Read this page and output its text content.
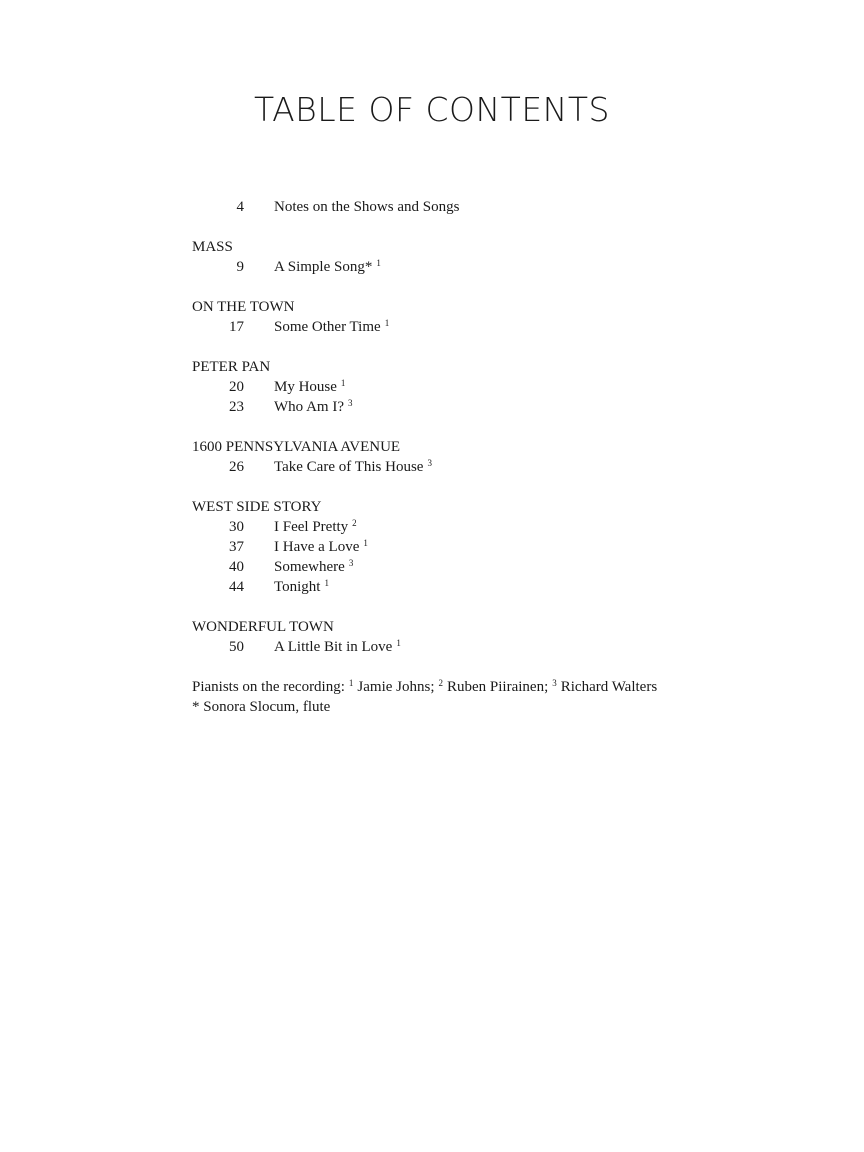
TABLE OF CONTENTS
4 Notes on the Shows and Songs
MASS
9 A Simple Song* $^1$
ON THE TOWN
17 Some Other Time $^1$
PETER PAN
20 My House $^1$
23 Who Am I? $^3$
1600 PENNSYLVANIA AVENUE
26 Take Care of This House $^3$
WEST SIDE STORY
30 I Feel Pretty $^2$
37 I Have a Love $^1$
40 Somewhere $^3$
44 Tonight $^1$
WONDERFUL TOWN
50 A Little Bit in Love $^1$
Pianists on the recording: $^1$ Jamie Johns; $^2$ Ruben Piirainen; $^3$ Richard Walters
* Sonora Slocum, flute
